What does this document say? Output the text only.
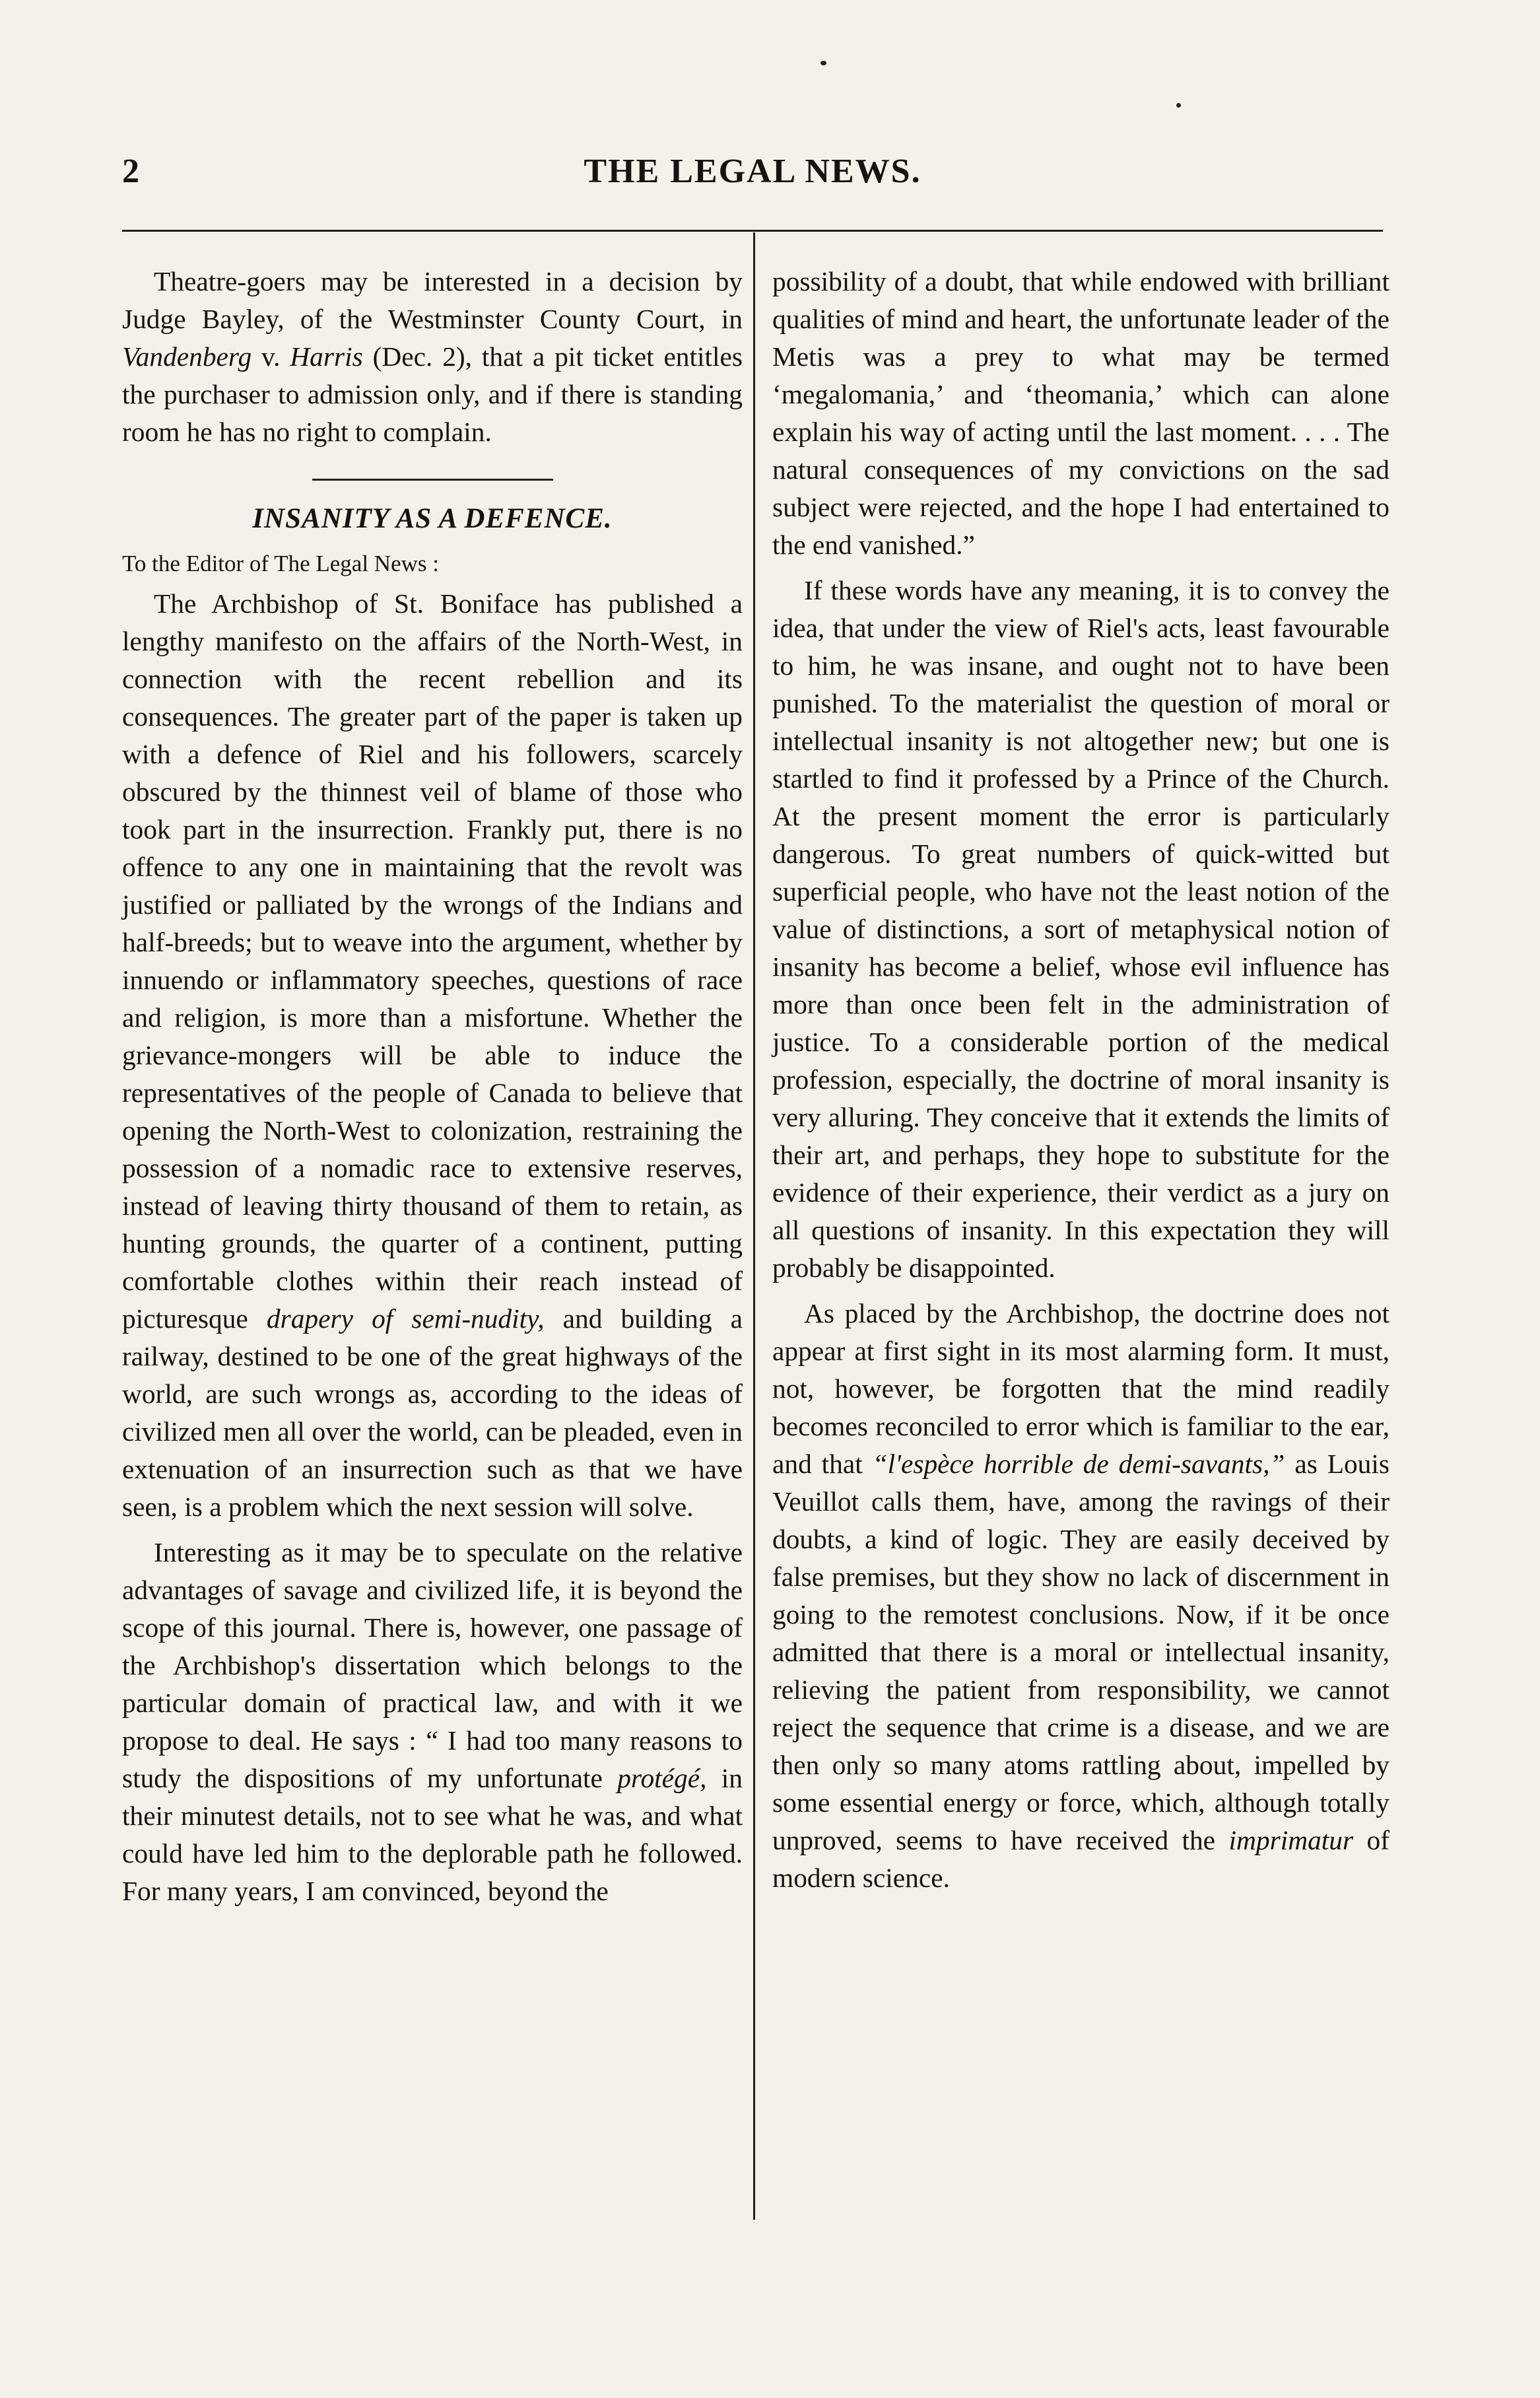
2	THE LEGAL NEWS.

Theatre-goers may be interested in a decision by Judge Bayley, of the Westminster County Court, in Vandenberg v. Harris (Dec. 2), that a pit ticket entitles the purchaser to admission only, and if there is standing room he has no right to complain.

INSANITY AS A DEFENCE.

To the Editor of The Legal News :

The Archbishop of St. Boniface has published a lengthy manifesto on the affairs of the North-West, in connection with the recent rebellion and its consequences. The greater part of the paper is taken up with a defence of Riel and his followers, scarcely obscured by the thinnest veil of blame of those who took part in the insurrection. Frankly put, there is no offence to any one in maintaining that the revolt was justified or palliated by the wrongs of the Indians and half-breeds; but to weave into the argument, whether by innuendo or inflammatory speeches, questions of race and religion, is more than a misfortune. Whether the grievance-mongers will be able to induce the representatives of the people of Canada to believe that opening the North-West to colonization, restraining the possession of a nomadic race to extensive reserves, instead of leaving thirty thousand of them to retain, as hunting grounds, the quarter of a continent, putting comfortable clothes within their reach instead of picturesque drapery of semi-nudity, and building a railway, destined to be one of the great highways of the world, are such wrongs as, according to the ideas of civilized men all over the world, can be pleaded, even in extenuation of an insurrection such as that we have seen, is a problem which the next session will solve.

Interesting as it may be to speculate on the relative advantages of savage and civilized life, it is beyond the scope of this journal. There is, however, one passage of the Archbishop's dissertation which belongs to the particular domain of practical law, and with it we propose to deal. He says : “ I had too many reasons to study the dispositions of my unfortunate protégé, in their minutest details, not to see what he was, and what could have led him to the deplorable path he followed. For many years, I am convinced, beyond the

possibility of a doubt, that while endowed with brilliant qualities of mind and heart, the unfortunate leader of the Metis was a prey to what may be termed ‘megalomania,’ and ‘theomania,’ which can alone explain his way of acting until the last moment. . . . The natural consequences of my convictions on the sad subject were rejected, and the hope I had entertained to the end vanished.”

If these words have any meaning, it is to convey the idea, that under the view of Riel's acts, least favourable to him, he was insane, and ought not to have been punished. To the materialist the question of moral or intellectual insanity is not altogether new; but one is startled to find it professed by a Prince of the Church. At the present moment the error is particularly dangerous. To great numbers of quick-witted but superficial people, who have not the least notion of the value of distinctions, a sort of metaphysical notion of insanity has become a belief, whose evil influence has more than once been felt in the administration of justice. To a considerable portion of the medical profession, especially, the doctrine of moral insanity is very alluring. They conceive that it extends the limits of their art, and perhaps, they hope to substitute for the evidence of their experience, their verdict as a jury on all questions of insanity. In this expectation they will probably be disappointed.

As placed by the Archbishop, the doctrine does not appear at first sight in its most alarming form. It must, not, however, be forgotten that the mind readily becomes reconciled to error which is familiar to the ear, and that “l'espèce horrible de demi-savants,” as Louis Veuillot calls them, have, among the ravings of their doubts, a kind of logic. They are easily deceived by false premises, but they show no lack of discernment in going to the remotest conclusions. Now, if it be once admitted that there is a moral or intellectual insanity, relieving the patient from responsibility, we cannot reject the sequence that crime is a disease, and we are then only so many atoms rattling about, impelled by some essential energy or force, which, although totally unproved, seems to have received the imprimatur of modern science.
